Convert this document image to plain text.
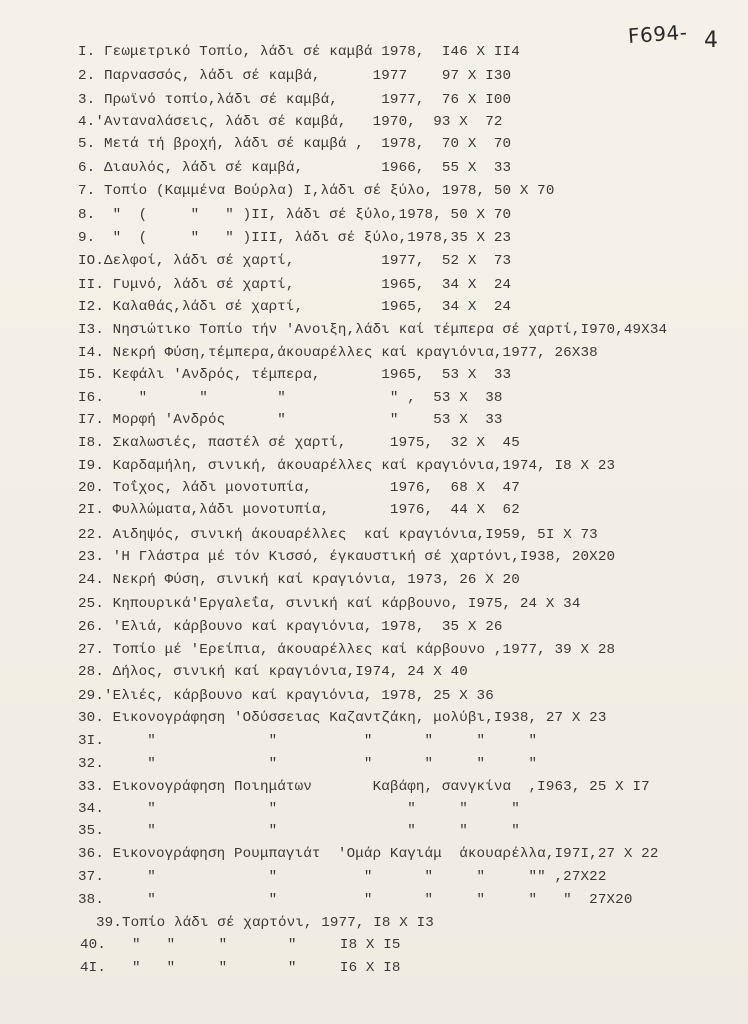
F694- 4
I. Γεωμετρικό Τοπίο, λάδι σέ καμβά 1978,  I46 X II4
2. Παρνασσός, λάδι σέ καμβά,      1977    97 X I30
3. Πρωϊνό τοπίο,λάδι σέ καμβά,     1977,  76 X I00
4.'Ανταναλάσεις, λάδι σέ καμβά,   1970,  93 X  72
5. Μετά τή βροχή, λάδι σέ καμβά ,  1978,  70 X  70
6. Διαυλός, λάδι σέ καμβά,         1966,  55 X  33
7. Τοπίο (Καμμένα Βούρλα) I,λάδι σέ ξύλο, 1978, 50 X 70
8.  "  (     "   " )II, λάδι σέ ξύλο,1978, 50 X 70
9.  "  (     "   " )III, λάδι σέ ξύλο,1978,35 X 23
IO.Δελφοί, λάδι σέ χαρτί,          1977,  52 X  73
II. Γυμνό, λάδι σέ χαρτί,          1965,  34 X  24
I2. Καλαθάς,λάδι σέ χαρτί,         1965,  34 X  24
I3. Νησιώτικο Τοπίο τήν 'Ανοιξη,λάδι καί τέμπερα σέ χαρτί,I970,49X34
I4. Νεκρή Φύση,τέμπερα,άκουαρέλλες καί κραγιόνια,1977, 26X38
I5. Κεφάλι 'Ανδρός, τέμπερα,       1965,  53 X  33
I6.    "      "        "            " ,  53 X  38
I7. Μορφή 'Ανδρός      "            "    53 X  33
I8. Σκαλωσιές, παστέλ σέ χαρτί,     1975,  32 X  45
I9. Καρδαμήλη, σινική, άκουαρέλλες καί κραγιόνια,1974, I8 X 23
20. Τοΐχος, λάδι μονοτυπία,         1976,  68 X  47
2I. Φυλλώματα,λάδι μονοτυπία,       1976,  44 X  62
22. Αιδηψός, σινική άκουαρέλλες  καί κραγιόνια,I959, 5I X 73
23. 'Η Γλάστρα μέ τόν Κισσό, έγκαυστική σέ χαρτόνι,I938, 20X20
24. Νεκρή Φύση, σινική καί κραγιόνια, 1973, 26 X 20
25. Κηπουρικά'Εργαλεΐα, σινική καί κάρβουνο, I975, 24 X 34
26. 'Ελιά, κάρβουνο καί κραγιόνια, 1978,  35 X 26
27. Τοπίο μέ 'Ερείπια, άκουαρέλλες καί κάρβουνο ,1977, 39 X 28
28. Δήλος, σινική καί κραγιόνια,I974, 24 X 40
29.'Ελιές, κάρβουνο καί κραγιόνια, 1978, 25 X 36
30. Εικονογράφηση 'Οδύσσειας Καζαντζάκη, μολύβι,I938, 27 X 23
3I.     "             "          "      "     "     "
32.     "             "          "      "     "     "
33. Εικονογράφηση Ποιημάτων       Καβάφη, σανγκίνα  ,I963, 25 X I7
34.     "             "               "     "     "
35.     "             "               "     "     "
36. Εικονογράφηση Ρουμπαγιάτ  'Ομάρ Καγιάμ  άκουαρέλλα,I97I,27 X 22
37.     "             "          "      "     "     "" ,27X22
38.     "             "          "      "     "     "   "  27X20
39.Τοπίο λάδι σέ χαρτόνι, 1977, I8 X I3
40.   "   "     "       "     I8 X I5
4I.   "   "     "       "     I6 X I8
